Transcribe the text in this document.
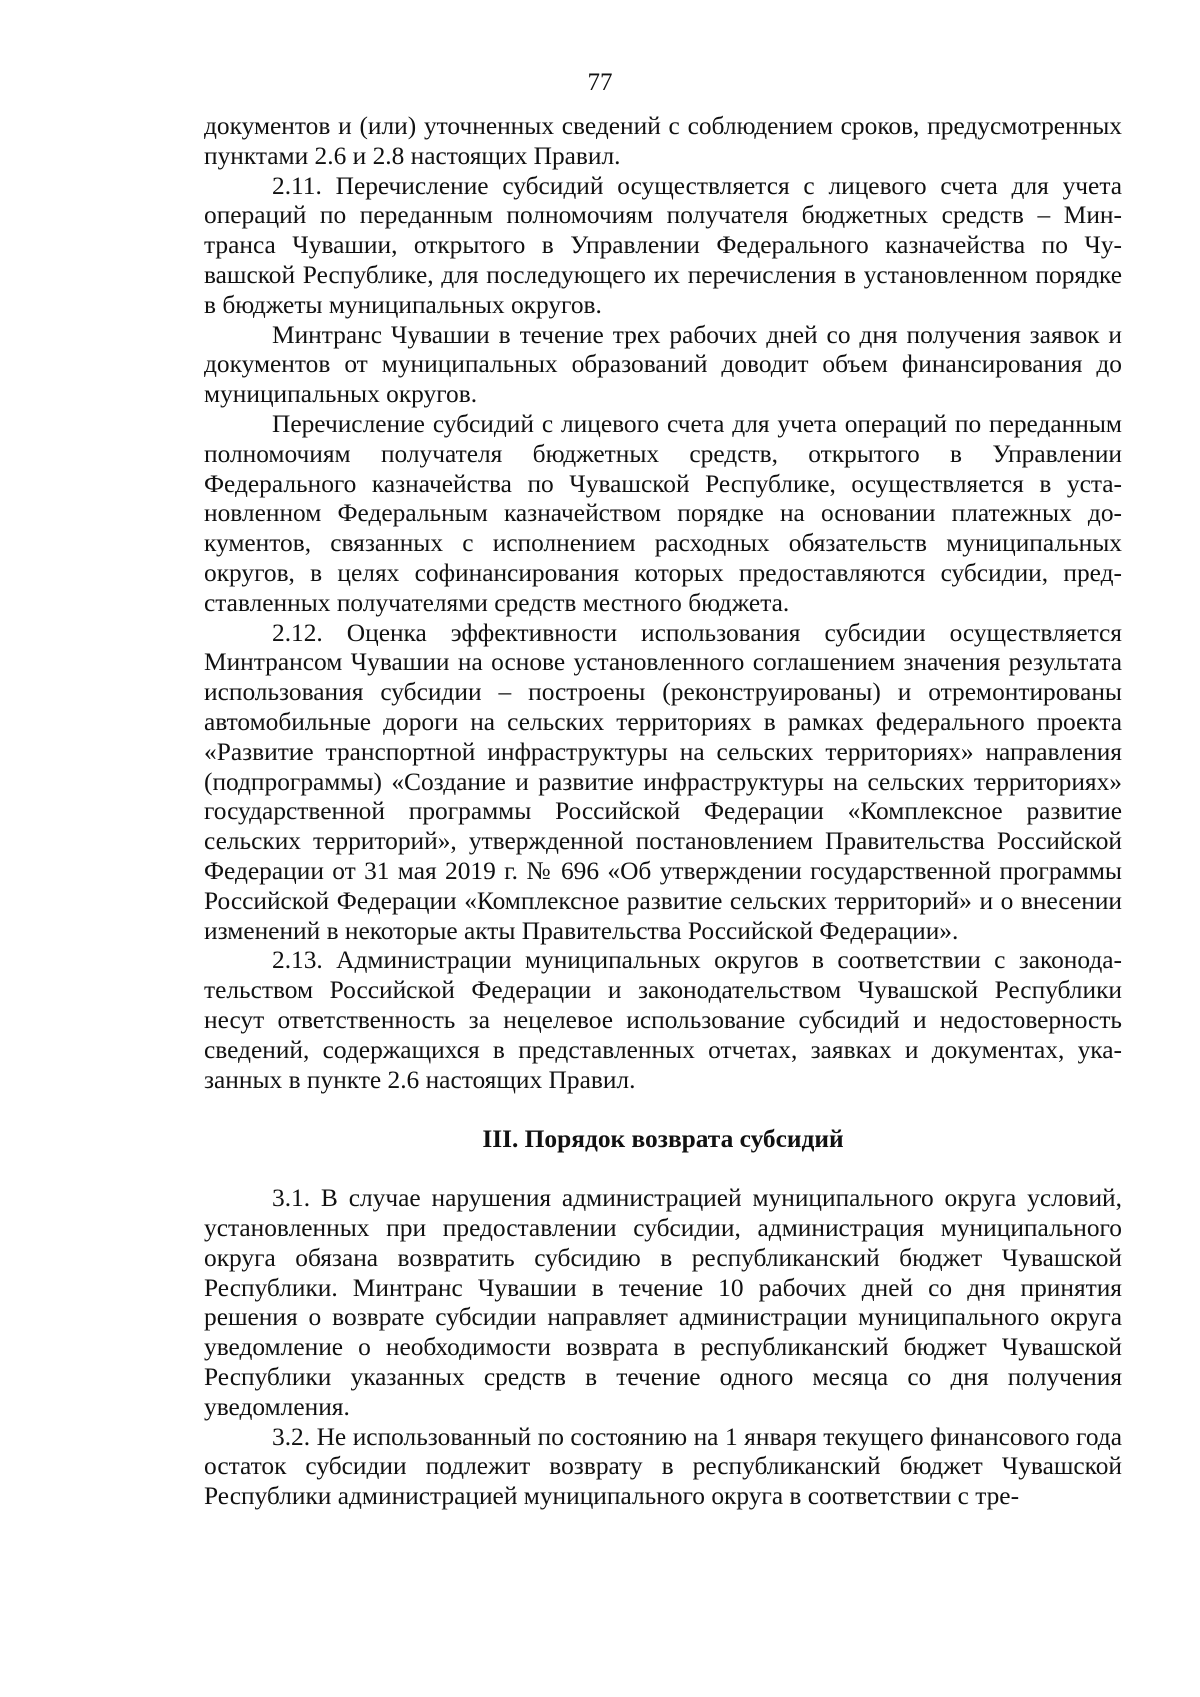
77

документов и (или) уточненных сведений с соблюдением сроков, предусмотренных пунктами 2.6 и 2.8 настоящих Правил.

2.11. Перечисление субсидий осуществляется с лицевого счета для учета операций по переданным полномочиям получателя бюджетных средств – Минтранса Чувашии, открытого в Управлении Федерального казначейства по Чувашской Республике, для последующего их перечисления в установленном порядке в бюджеты муниципальных округов.

Минтранс Чувашии в течение трех рабочих дней со дня получения заявок и документов от муниципальных образований доводит объем финансирования до муниципальных округов.

Перечисление субсидий с лицевого счета для учета операций по переданным полномочиям получателя бюджетных средств, открытого в Управлении Федерального казначейства по Чувашской Республике, осуществляется в установленном Федеральным казначейством порядке на основании платежных документов, связанных с исполнением расходных обязательств муниципальных округов, в целях софинансирования которых предоставляются субсидии, представленных получателями средств местного бюджета.

2.12. Оценка эффективности использования субсидии осуществляется Минтрансом Чувашии на основе установленного соглашением значения результата использования субсидии – построены (реконструированы) и отремонтированы автомобильные дороги на сельских территориях в рамках федерального проекта «Развитие транспортной инфраструктуры на сельских территориях» направления (подпрограммы) «Создание и развитие инфраструктуры на сельских территориях» государственной программы Российской Федерации «Комплексное развитие сельских территорий», утвержденной постановлением Правительства Российской Федерации от 31 мая 2019 г. № 696 «Об утверждении государственной программы Российской Федерации «Комплексное развитие сельских территорий» и о внесении изменений в некоторые акты Правительства Российской Федерации».

2.13. Администрации муниципальных округов в соответствии с законодательством Российской Федерации и законодательством Чувашской Республики несут ответственность за нецелевое использование субсидий и недостоверность сведений, содержащихся в представленных отчетах, заявках и документах, указанных в пункте 2.6 настоящих Правил.

III. Порядок возврата субсидий

3.1. В случае нарушения администрацией муниципального округа условий, установленных при предоставлении субсидии, администрация муниципального округа обязана возвратить субсидию в республиканский бюджет Чувашской Республики. Минтранс Чувашии в течение 10 рабочих дней со дня принятия решения о возврате субсидии направляет администрации муниципального округа уведомление о необходимости возврата в республиканский бюджет Чувашской Республики указанных средств в течение одного месяца со дня получения уведомления.

3.2. Не использованный по состоянию на 1 января текущего финансового года остаток субсидии подлежит возврату в республиканский бюджет Чувашской Республики администрацией муниципального округа в соответствии с тре-
